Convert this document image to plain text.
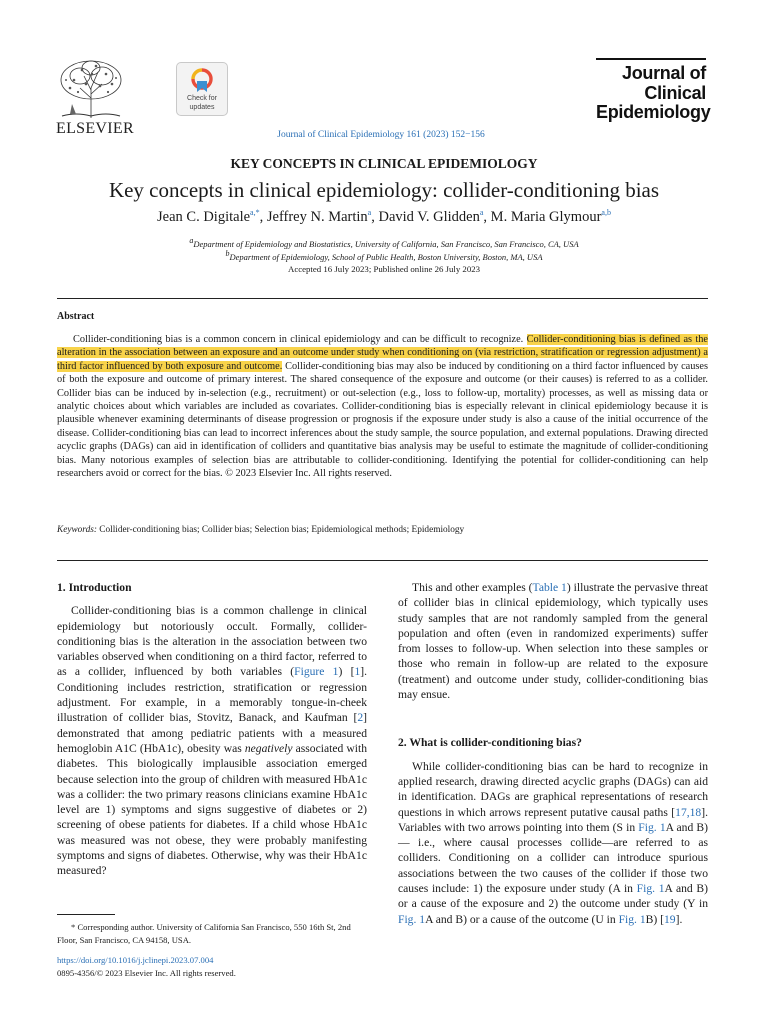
ELSEVIER
Check for
updates
Journal of Clinical Epidemiology 161 (2023) 152−156
Journal of
Clinical
Epidemiology
KEY CONCEPTS IN CLINICAL EPIDEMIOLOGY
Key concepts in clinical epidemiology: collider-conditioning bias
Jean C. Digitale$^{a,*}$, Jeffrey N. Martin$^a$, David V. Glidden$^a$, M. Maria Glymour$^{a,b}$
$^a$Department of Epidemiology and Biostatistics, University of California, San Francisco, San Francisco, CA, USA
$^b$Department of Epidemiology, School of Public Health, Boston University, Boston, MA, USA
Accepted 16 July 2023; Published online 26 July 2023
Abstract
Collider-conditioning bias is a common concern in clinical epidemiology and can be difficult to recognize. Collider-conditioning bias is defined as the alteration in the association between an exposure and an outcome under study when conditioning on (via restriction, stratification or regression adjustment) a third factor influenced by both exposure and outcome. Collider-conditioning bias may also be induced by conditioning on a third factor influenced by causes of both the exposure and outcome of primary interest. The shared consequence of the exposure and outcome (or their causes) is referred to as a collider. Collider bias can be induced by in-selection (e.g., recruitment) or out-selection (e.g., loss to follow-up, mortality) processes, as well as missing data or analytic choices about which variables are included as covariates. Collider-conditioning bias is especially relevant in clinical epidemiology because it is plausible whenever examining determinants of disease progression or prognosis if the exposure under study is also a cause of the initial occurrence of the disease. Collider-conditioning bias can lead to incorrect inferences about the study sample, the source population, and external populations. Drawing directed acyclic graphs (DAGs) can aid in identification of colliders and quantitative bias analysis may be useful to estimate the magnitude of collider-conditioning bias. Many notorious examples of selection bias are attributable to collider-conditioning. Identifying the potential for collider-conditioning can help researchers avoid or correct for the bias. © 2023 Elsevier Inc. All rights reserved.
Keywords: Collider-conditioning bias; Collider bias; Selection bias; Epidemiological methods; Epidemiology
1. Introduction

Collider-conditioning bias is a common challenge in clinical epidemiology but notoriously occult. Formally, collider-conditioning bias is the alteration in the association between two variables observed when conditioning on a third factor, referred to as a collider, influenced by both variables (Figure 1) [1]. Conditioning includes restriction, stratification or regression adjustment. For example, in a memorably tongue-in-cheek illustration of collider bias, Stovitz, Banack, and Kaufman [2] demonstrated that among pediatric patients with a measured hemoglobin A1C (HbA1c), obesity was negatively associated with diabetes. This biologically implausible association emerged because selection into the group of children with measured HbA1c was a collider: the two primary reasons clinicians examine HbA1c level are 1) symptoms and signs suggestive of diabetes or 2) screening of obese patients for diabetes. If a child whose HbA1c was measured was not obese, they were probably manifesting symptoms and signs of diabetes. Otherwise, why was their HbA1c measured?

This and other examples (Table 1) illustrate the pervasive threat of collider bias in clinical epidemiology, which typically uses study samples that are not randomly sampled from the general population and often (even in randomized experiments) suffer from losses to follow-up. When selection into these samples or those who remain in follow-up are related to the exposure (treatment) and outcome under study, collider-conditioning bias may ensue.

2. What is collider-conditioning bias?

While collider-conditioning bias can be hard to recognize in applied research, drawing directed acyclic graphs (DAGs) can aid in identification. DAGs are graphical representations of research questions in which arrows represent putative causal paths [17,18]. Variables with two arrows pointing into them (S in Fig. 1A and B) — i.e., where causal processes collide—are referred to as colliders. Conditioning on a collider can introduce spurious associations between the two causes of the collider if those two causes include: 1) the exposure under study (A in Fig. 1A and B) or a cause of the exposure and 2) the outcome under study (Y in Fig. 1A and B) or a cause of the outcome (U in Fig. 1B) [19].

* Corresponding author. University of California San Francisco, 550 16th St, 2nd Floor, San Francisco, CA 94158, USA.
https://doi.org/10.1016/j.jclinepi.2023.07.004
0895-4356/© 2023 Elsevier Inc. All rights reserved.
